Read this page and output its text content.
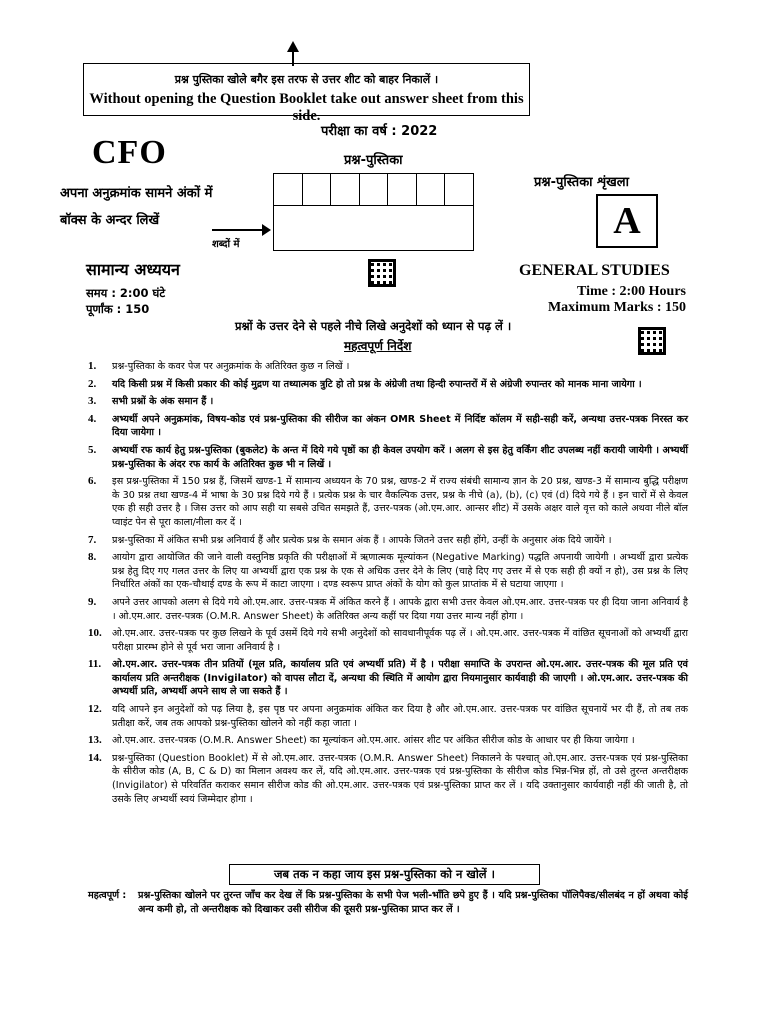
प्रश्न पुस्तिका खोले बगैर इस तरफ से उत्तर शीट को बाहर निकालें ।
Without opening the Question Booklet take out answer sheet from this side.
परीक्षा का वर्ष : 2022
CFO	प्रश्न-पुस्तिका
प्रश्न-पुस्तिका शृंखला
A
अपना अनुक्रमांक सामने अंकों में
बॉक्स के अन्दर लिखें
शब्दों में
सामान्य अध्ययन	GENERAL STUDIES
समय : 2:00 घंटे
पूर्णांक : 150
Time : 2:00 Hours
Maximum Marks : 150
प्रश्नों के उत्तर देने से पहले नीचे लिखे अनुदेशों को ध्यान से पढ़ लें ।
महत्वपूर्ण निर्देश
1.	प्रश्न-पुस्तिका के कवर पेज पर अनुक्रमांक के अतिरिक्त कुछ न लिखें ।
2.	यदि किसी प्रश्न में किसी प्रकार की कोई मुद्रण या तथ्यात्मक त्रुटि हो तो प्रश्न के अंग्रेजी तथा हिन्दी रुपान्तरों में से अंग्रेजी रुपान्तर को मानक माना जायेगा ।
3.	सभी प्रश्नों के अंक समान हैं ।
4.	अभ्यर्थी अपने अनुक्रमांक, विषय-कोड एवं प्रश्न-पुस्तिका की सीरीज का अंकन OMR Sheet में निर्दिष्ट कॉलम में सही-सही करें, अन्यथा उत्तर-पत्रक निरस्त कर दिया जायेगा ।
5.	अभ्यर्थी रफ कार्य हेतु प्रश्न-पुस्तिका (बुकलेट) के अन्त में दिये गये पृष्ठों का ही केवल उपयोग करें । अलग से इस हेतु वर्किंग शीट उपलब्ध नहीं करायी जायेगी । अभ्यर्थी प्रश्न-पुस्तिका के अंदर रफ कार्य के अतिरिक्त कुछ भी न लिखें ।
6.	इस प्रश्न-पुस्तिका में 150 प्रश्न हैं, जिसमें खण्ड-1 में सामान्य अध्ययन के 70 प्रश्न, खण्ड-2 में राज्य संबंधी सामान्य ज्ञान के 20 प्रश्न, खण्ड-3 में सामान्य बुद्धि परीक्षण के 30 प्रश्न तथा खण्ड-4 में भाषा के 30 प्रश्न दिये गये हैं । प्रत्येक प्रश्न के चार वैकल्पिक उत्तर, प्रश्न के नीचे (a), (b), (c) एवं (d) दिये गये हैं । इन चारों में से केवल एक ही सही उत्तर है । जिस उत्तर को आप सही या सबसे उचित समझते हैं, उत्तर-पत्रक (ओ.एम.आर. आन्सर शीट) में उसके अक्षर वाले वृत्त को काले अथवा नीले बॉल प्वाइंट पेन से पूरा काला/नीला कर दें ।
7.	प्रश्न-पुस्तिका में अंकित सभी प्रश्न अनिवार्य हैं और प्रत्येक प्रश्न के समान अंक हैं । आपके जितने उत्तर सही होंगे, उन्हीं के अनुसार अंक दिये जायेंगे ।
8.	आयोग द्वारा आयोजित की जाने वाली वस्तुनिष्ठ प्रकृति की परीक्षाओं में ऋणात्मक मूल्यांकन (Negative Marking) पद्धति अपनायी जायेगी । अभ्यर्थी द्वारा प्रत्येक प्रश्न हेतु दिए गए गलत उत्तर के लिए या अभ्यर्थी द्वारा एक प्रश्न के एक से अधिक उत्तर देने के लिए (चाहे दिए गए उत्तर में से एक सही ही क्यों न हो), उस प्रश्न के लिए निर्धारित अंकों का एक-चौथाई दण्ड के रूप में काटा जाएगा । दण्ड स्वरूप प्राप्त अंकों के योग को कुल प्राप्तांक में से घटाया जाएगा ।
9.	अपने उत्तर आपको अलग से दिये गये ओ.एम.आर. उत्तर-पत्रक में अंकित करने हैं । आपके द्वारा सभी उत्तर केवल ओ.एम.आर. उत्तर-पत्रक पर ही दिया जाना अनिवार्य है । ओ.एम.आर. उत्तर-पत्रक (O.M.R. Answer Sheet) के अतिरिक्त अन्य कहीं पर दिया गया उत्तर मान्य नहीं होगा ।
10.	ओ.एम.आर. उत्तर-पत्रक पर कुछ लिखने के पूर्व उसमें दिये गये सभी अनुदेशों को सावधानीपूर्वक पढ़ लें । ओ.एम.आर. उत्तर-पत्रक में वांछित सूचनाओं को अभ्यर्थी द्वारा परीक्षा प्रारम्भ होने से पूर्व भरा जाना अनिवार्य है ।
11.	ओ.एम.आर. उत्तर-पत्रक तीन प्रतियों (मूल प्रति, कार्यालय प्रति एवं अभ्यर्थी प्रति) में है । परीक्षा समाप्ति के उपरान्त ओ.एम.आर. उत्तर-पत्रक की मूल प्रति एवं कार्यालय प्रति अन्तरीक्षक (Invigilator) को वापस लौटा दें, अन्यथा की स्थिति में आयोग द्वारा नियमानुसार कार्यवाही की जाएगी । ओ.एम.आर. उत्तर-पत्रक की अभ्यर्थी प्रति, अभ्यर्थी अपने साथ ले जा सकते हैं ।
12.	यदि आपने इन अनुदेशों को पढ़ लिया है, इस पृष्ठ पर अपना अनुक्रमांक अंकित कर दिया है और ओ.एम.आर. उत्तर-पत्रक पर वांछित सूचनायें भर दी हैं, तो तब तक प्रतीक्षा करें, जब तक आपको प्रश्न-पुस्तिका खोलने को नहीं कहा जाता ।
13.	ओ.एम.आर. उत्तर-पत्रक (O.M.R. Answer Sheet) का मूल्यांकन ओ.एम.आर. आंसर शीट पर अंकित सीरीज कोड के आधार पर ही किया जायेगा ।
14.	प्रश्न-पुस्तिका (Question Booklet) में से ओ.एम.आर. उत्तर-पत्रक (O.M.R. Answer Sheet) निकालने के पश्चात् ओ.एम.आर. उत्तर-पत्रक एवं प्रश्न-पुस्तिका के सीरीज कोड (A, B, C & D) का मिलान अवश्य कर लें, यदि ओ.एम.आर. उत्तर-पत्रक एवं प्रश्न-पुस्तिका के सीरीज कोड भिन्न-भिन्न हों, तो उसे तुरन्त अन्तरीक्षक (Invigilator) से परिवर्तित कराकर समान सीरीज कोड की ओ.एम.आर. उत्तर-पत्रक एवं प्रश्न-पुस्तिका प्राप्त कर लें । यदि उक्तानुसार कार्यवाही नहीं की जाती है, तो उसके लिए अभ्यर्थी स्वयं जिम्मेदार होगा ।
जब तक न कहा जाय इस प्रश्न-पुस्तिका को न खोलें ।
महत्वपूर्ण :	प्रश्न-पुस्तिका खोलने पर तुरन्त जाँच कर देख लें कि प्रश्न-पुस्तिका के सभी पेज भली-भाँति छपे हुए हैं । यदि प्रश्न-पुस्तिका पॉलिपैक्ड/सीलबंद न हों अथवा कोई अन्य कमी हो, तो अन्तरीक्षक को दिखाकर उसी सीरीज की दूसरी प्रश्न-पुस्तिका प्राप्त कर लें ।
